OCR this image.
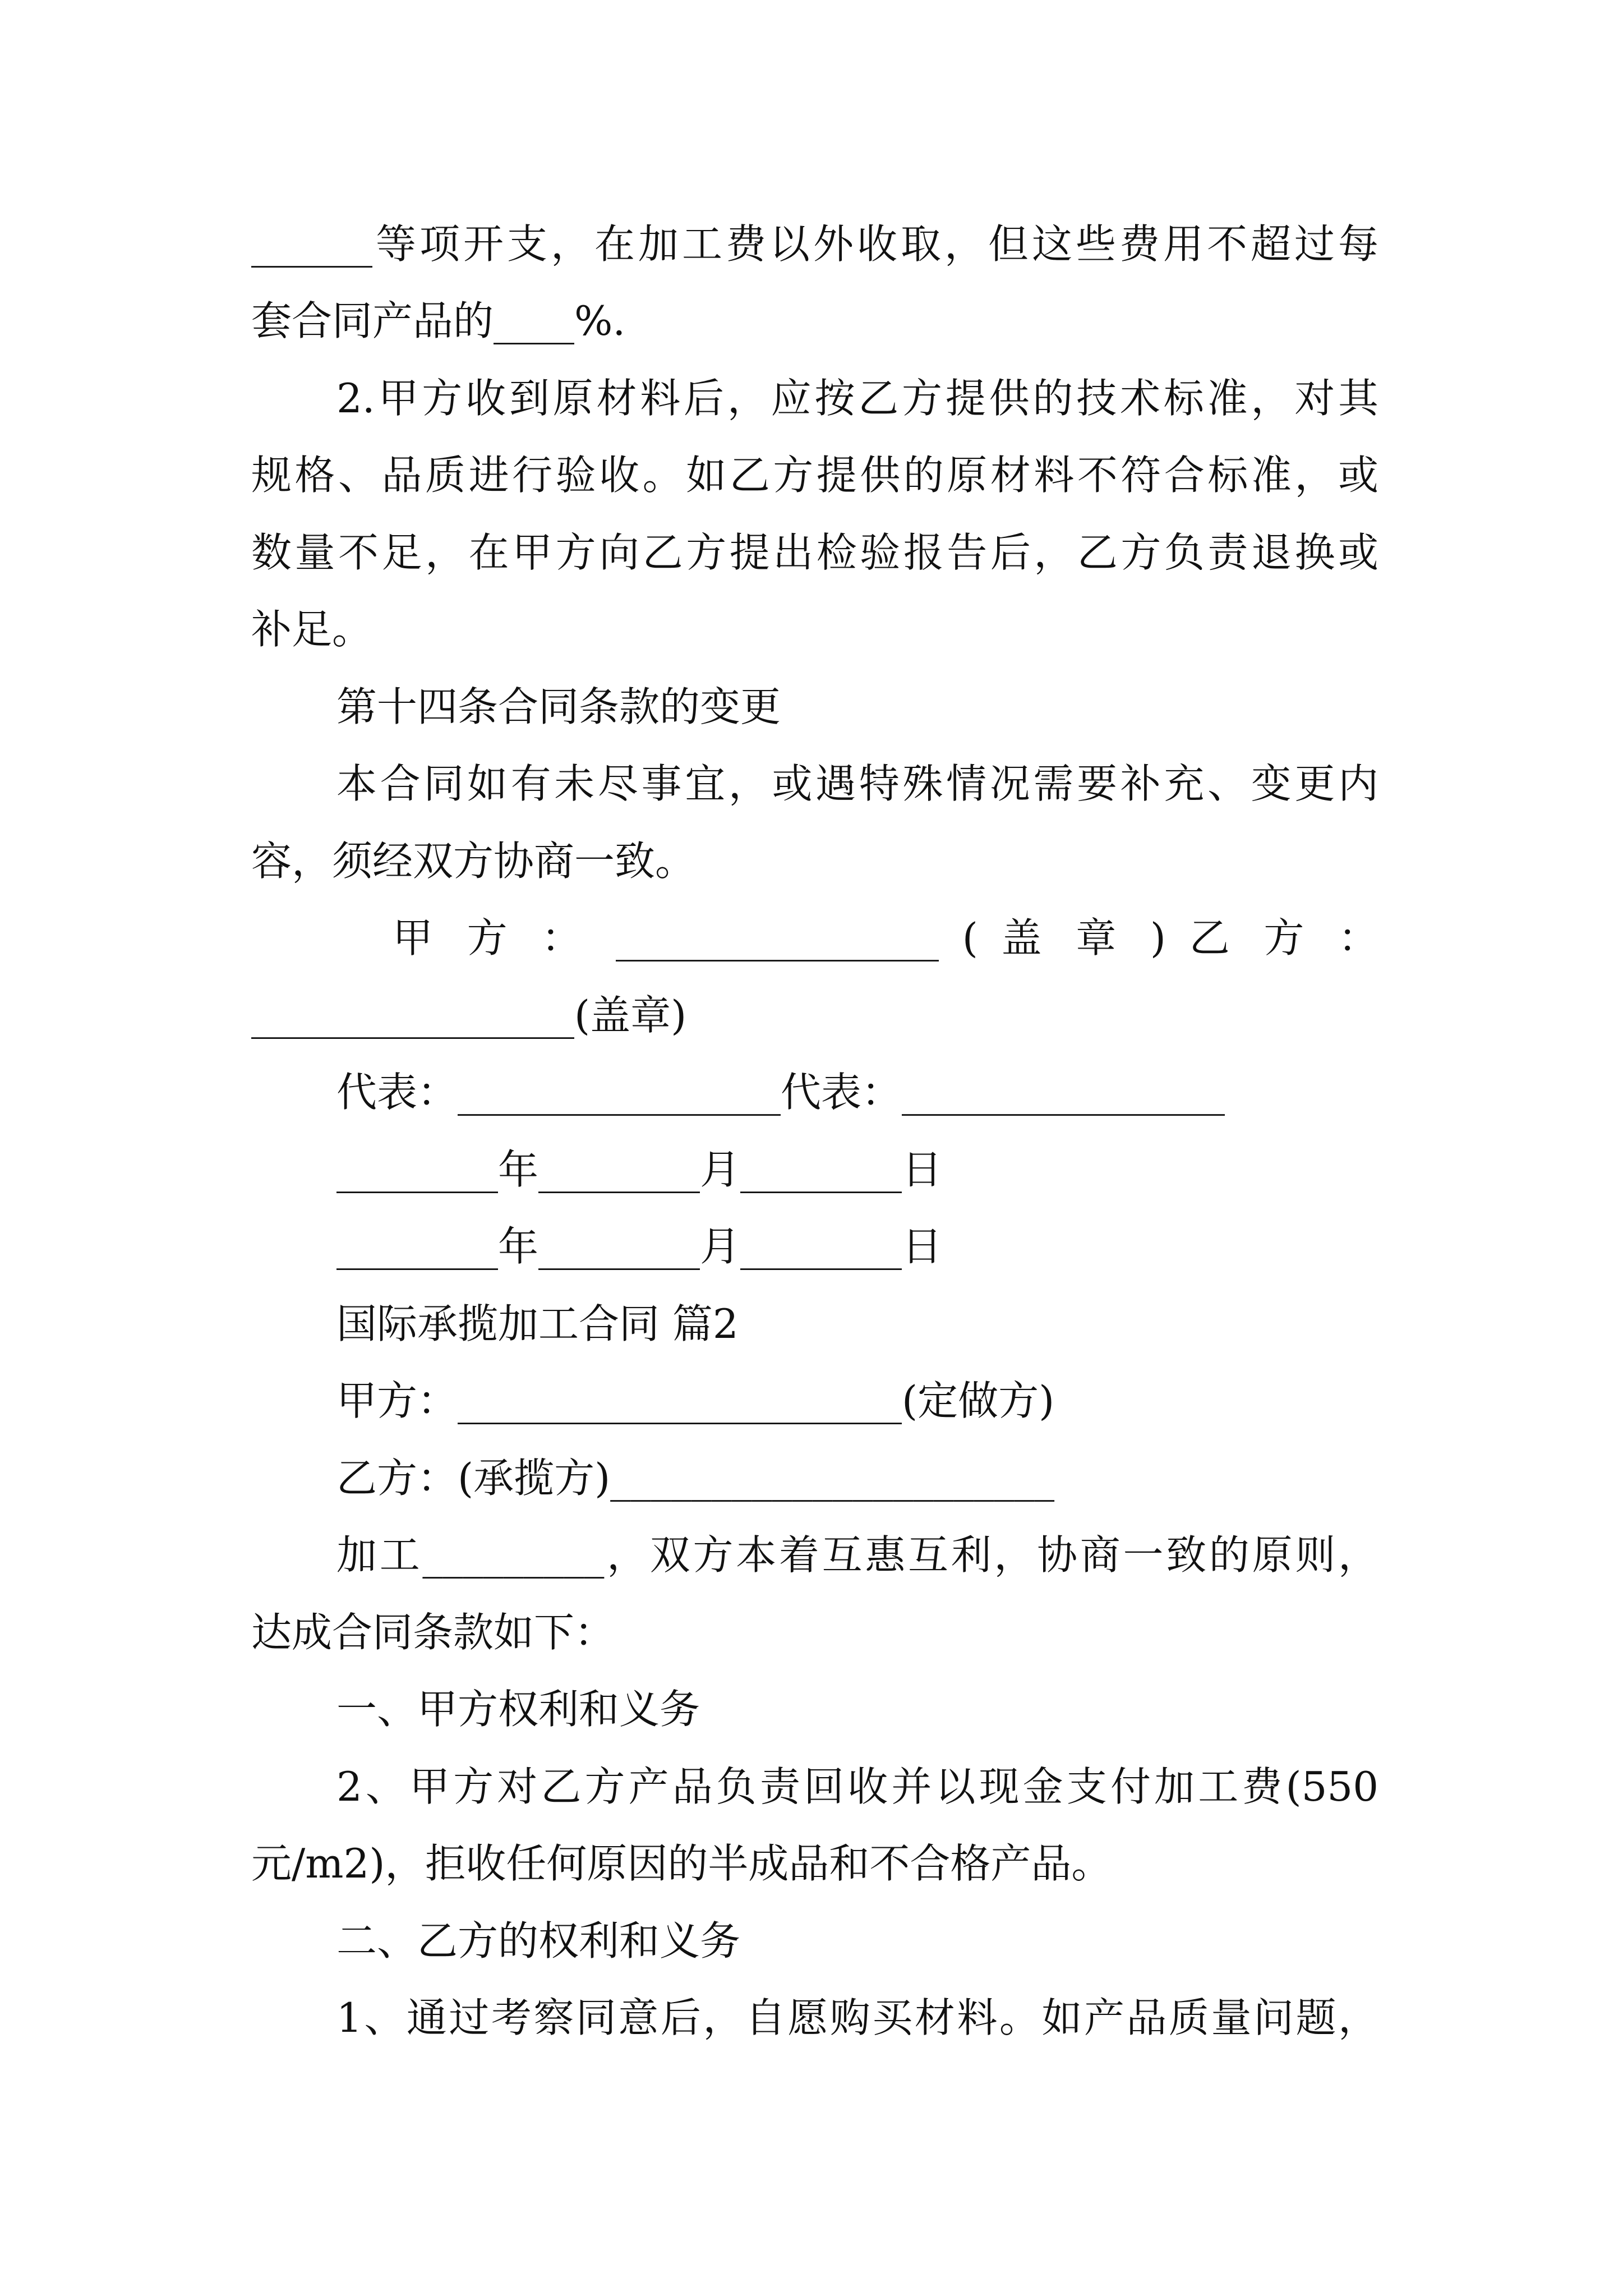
______等项开支，在加工费以外收取，但这些费用不超过每
套合同产品的____%.
2.甲方收到原材料后，应按乙方提供的技术标准，对其
规格、品质进行验收。如乙方提供的原材料不符合标准，或
数量不足，在甲方向乙方提出检验报告后，乙方负责退换或
补足。
第十四条合同条款的变更
本合同如有未尽事宜，或遇特殊情况需要补充、变更内
容，须经双方协商一致。
甲 方 ： ________________ ( 盖 章 ) 乙 方 ：
________________(盖章)
代表：________________代表：________________
________年________月________日
________年________月________日
国际承揽加工合同 篇2
甲方：______________________(定做方)
乙方：(承揽方)______________________
加工_________，双方本着互惠互利，协商一致的原则，
达成合同条款如下：
一、甲方权利和义务
2、甲方对乙方产品负责回收并以现金支付加工费(550
元/m2)，拒收任何原因的半成品和不合格产品。
二、乙方的权利和义务
1、通过考察同意后，自愿购买材料。如产品质量问题，
